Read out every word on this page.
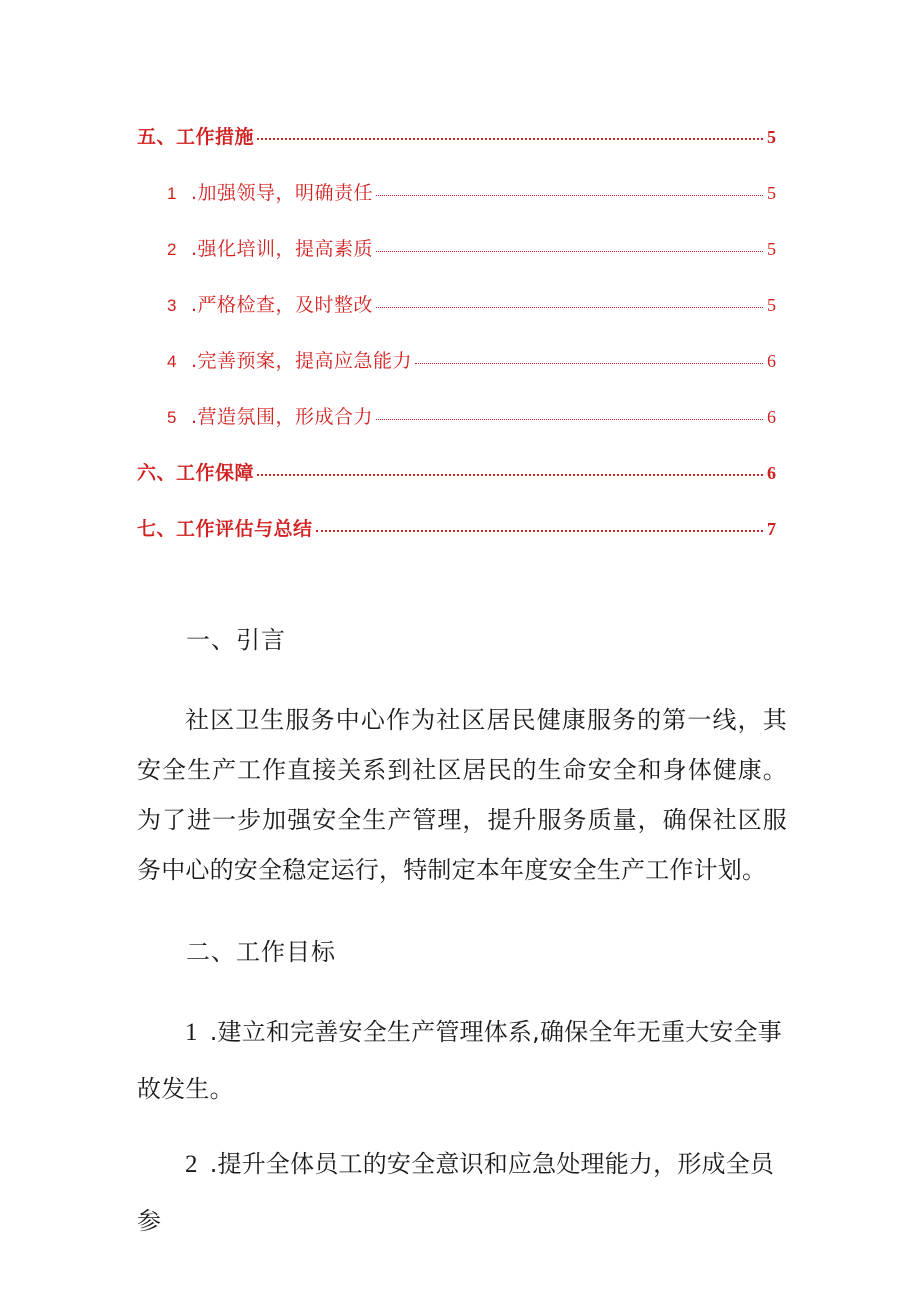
五、工作措施	5
1 .加强领导，明确责任	5
2 .强化培训，提高素质	5
3 .严格检查，及时整改	5
4 .完善预案，提高应急能力	6
5 .营造氛围，形成合力	6
六、工作保障	6
七、工作评估与总结	7
一、引言
社区卫生服务中心作为社区居民健康服务的第一线，其安全生产工作直接关系到社区居民的生命安全和身体健康。为了进一步加强安全生产管理，提升服务质量，确保社区服务中心的安全稳定运行，特制定本年度安全生产工作计划。
二、工作目标
1 .建立和完善安全生产管理体系,确保全年无重大安全事故发生。
2 .提升全体员工的安全意识和应急处理能力，形成全员参
